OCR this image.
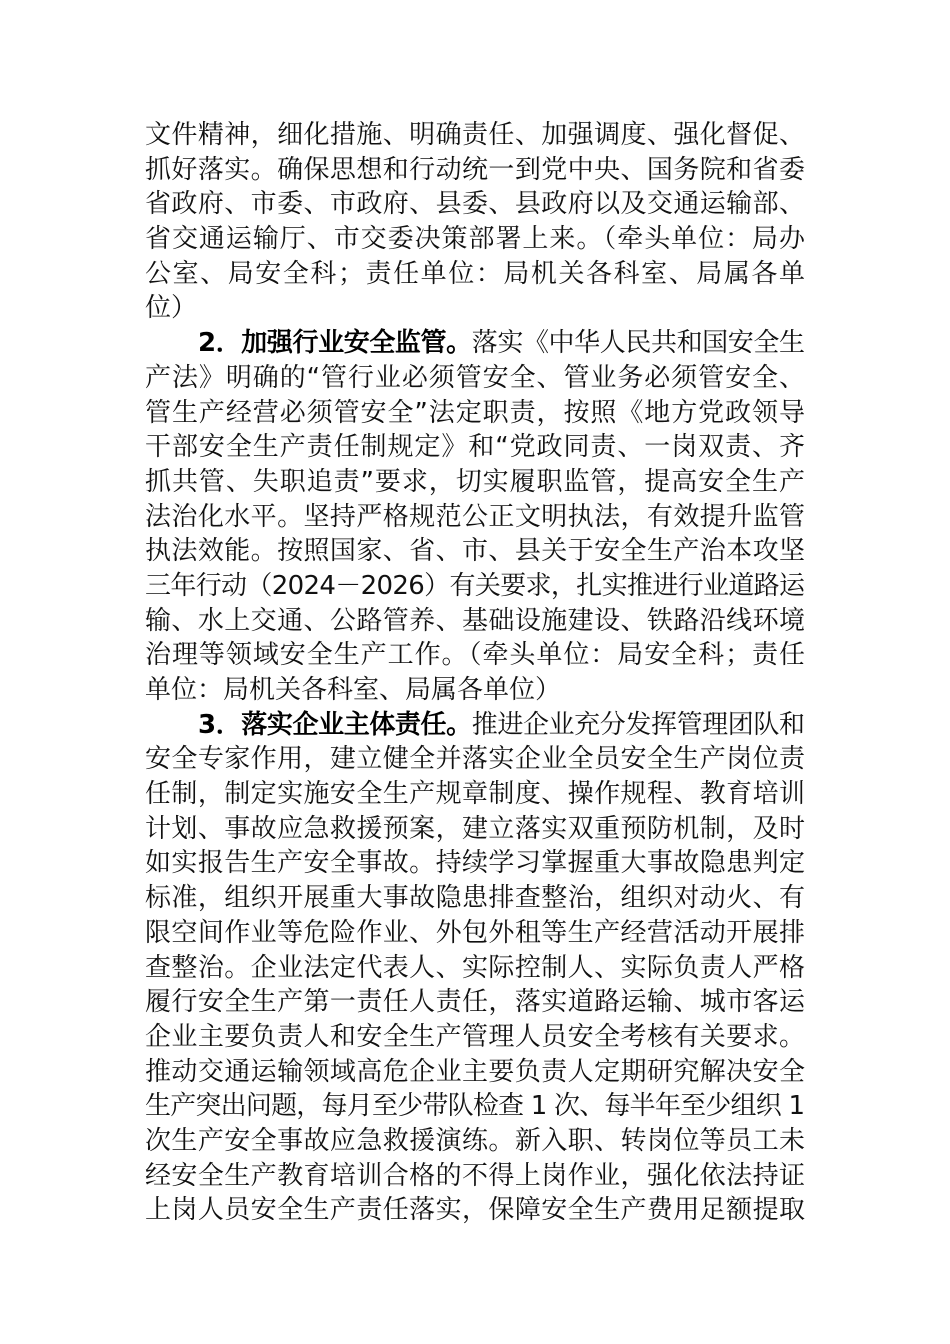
文件精神，细化措施、明确责任、加强调度、强化督促、
抓好落实。确保思想和行动统一到党中央、国务院和省委
省政府、市委、市政府、县委、县政府以及交通运输部、
省交通运输厅、市交委决策部署上来。（牵头单位：局办
公室、局安全科；责任单位：局机关各科室、局属各单
位）
2．加强行业安全监管。落实《中华人民共和国安全生
产法》明确的“管行业必须管安全、管业务必须管安全、
管生产经营必须管安全”法定职责，按照《地方党政领导
干部安全生产责任制规定》和“党政同责、一岗双责、齐
抓共管、失职追责”要求，切实履职监管，提高安全生产
法治化水平。坚持严格规范公正文明执法，有效提升监管
执法效能。按照国家、省、市、县关于安全生产治本攻坚
三年行动（2024－2026）有关要求，扎实推进行业道路运
输、水上交通、公路管养、基础设施建设、铁路沿线环境
治理等领域安全生产工作。（牵头单位：局安全科；责任
单位：局机关各科室、局属各单位）
3．落实企业主体责任。推进企业充分发挥管理团队和
安全专家作用，建立健全并落实企业全员安全生产岗位责
任制，制定实施安全生产规章制度、操作规程、教育培训
计划、事故应急救援预案，建立落实双重预防机制，及时
如实报告生产安全事故。持续学习掌握重大事故隐患判定
标准，组织开展重大事故隐患排查整治，组织对动火、有
限空间作业等危险作业、外包外租等生产经营活动开展排
查整治。企业法定代表人、实际控制人、实际负责人严格
履行安全生产第一责任人责任，落实道路运输、城市客运
企业主要负责人和安全生产管理人员安全考核有关要求。
推动交通运输领域高危企业主要负责人定期研究解决安全
生产突出问题，每月至少带队检查 1 次、每半年至少组织 1
次生产安全事故应急救援演练。新入职、转岗位等员工未
经安全生产教育培训合格的不得上岗作业，强化依法持证
上岗人员安全生产责任落实，保障安全生产费用足额提取
